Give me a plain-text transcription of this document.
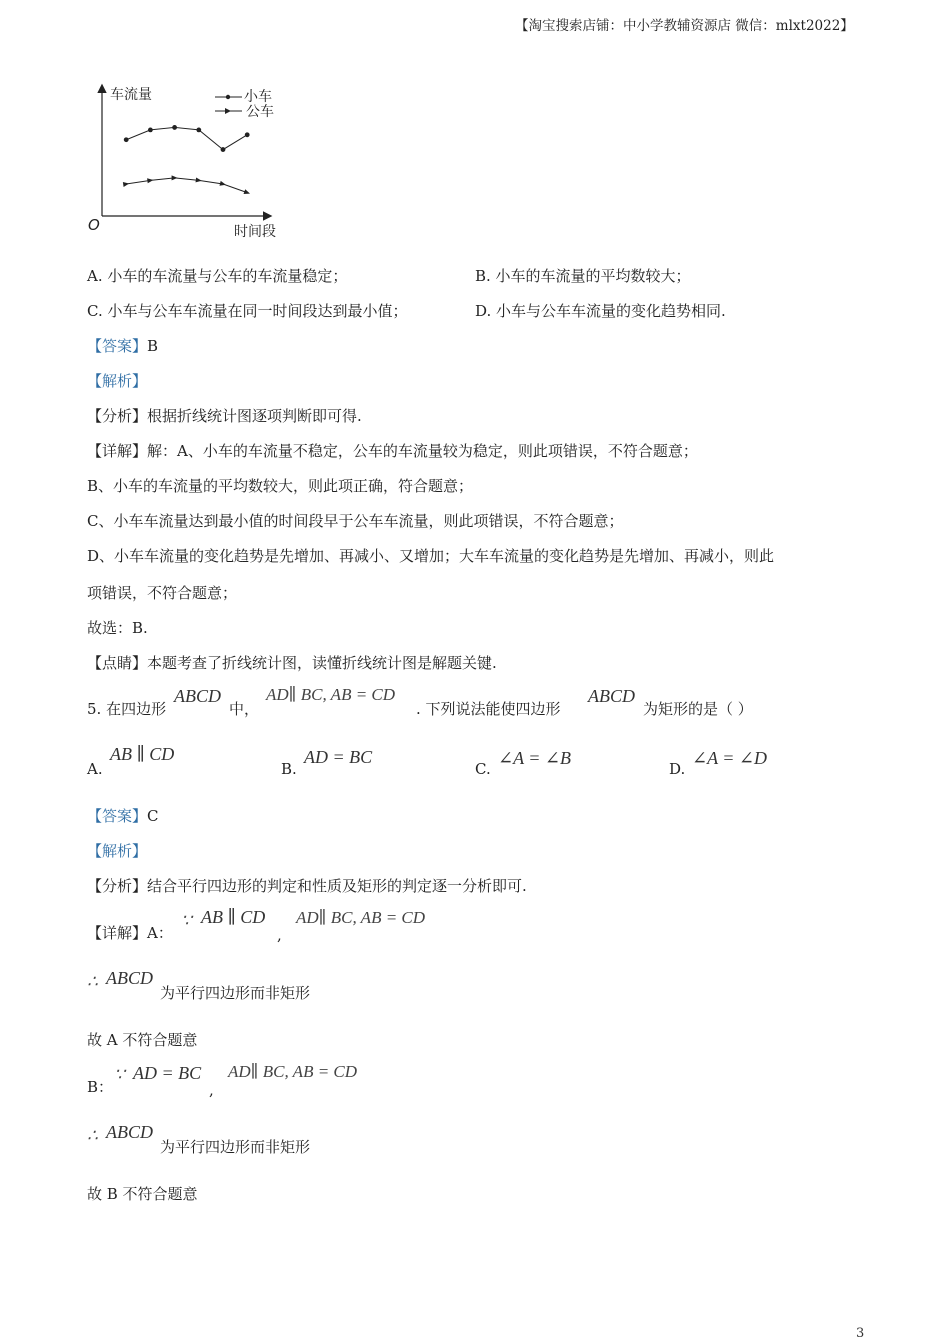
【淘宝搜索店铺：中小学教辅资源店 微信：mlxt2022】
车流量
时间段
O
小车
公车
A. 小车的车流量与公车的车流量稳定；	B. 小车的车流量的平均数较大；
C. 小车与公车车流量在同一时间段达到最小值；	D. 小车与公车车流量的变化趋势相同.
【答案】B
【解析】
【分析】根据折线统计图逐项判断即可得.
【详解】解：A、小车的车流量不稳定，公车的车流量较为稳定，则此项错误，不符合题意；
B、小车的车流量的平均数较大，则此项正确，符合题意；
C、小车车流量达到最小值的时间段早于公车车流量，则此项错误，不符合题意；
D、小车车流量的变化趋势是先增加、再减小、又增加；大车车流量的变化趋势是先增加、再减小，则此
项错误，不符合题意；
故选：B.
【点睛】本题考查了折线统计图，读懂折线统计图是解题关键.
5. 在四边形
ABCD
中，
AD∥ BC, AB = CD
. 下列说法能使四边形
ABCD
为矩形的是（ ）
A.
AB ∥ CD
B.
AD = BC
C.
∠A = ∠B
D.
∠A = ∠D
【答案】C
【解析】
【分析】结合平行四边形的判定和性质及矩形的判定逐一分析即可.
【详解】A：
∵ AB ∥ CD
,
AD∥ BC, AB = CD
∴ ABCD
为平行四边形而非矩形
故 A 不符合题意
B：
∵ AD = BC
,
AD∥ BC, AB = CD
∴ ABCD
为平行四边形而非矩形
故 B 不符合题意
3
